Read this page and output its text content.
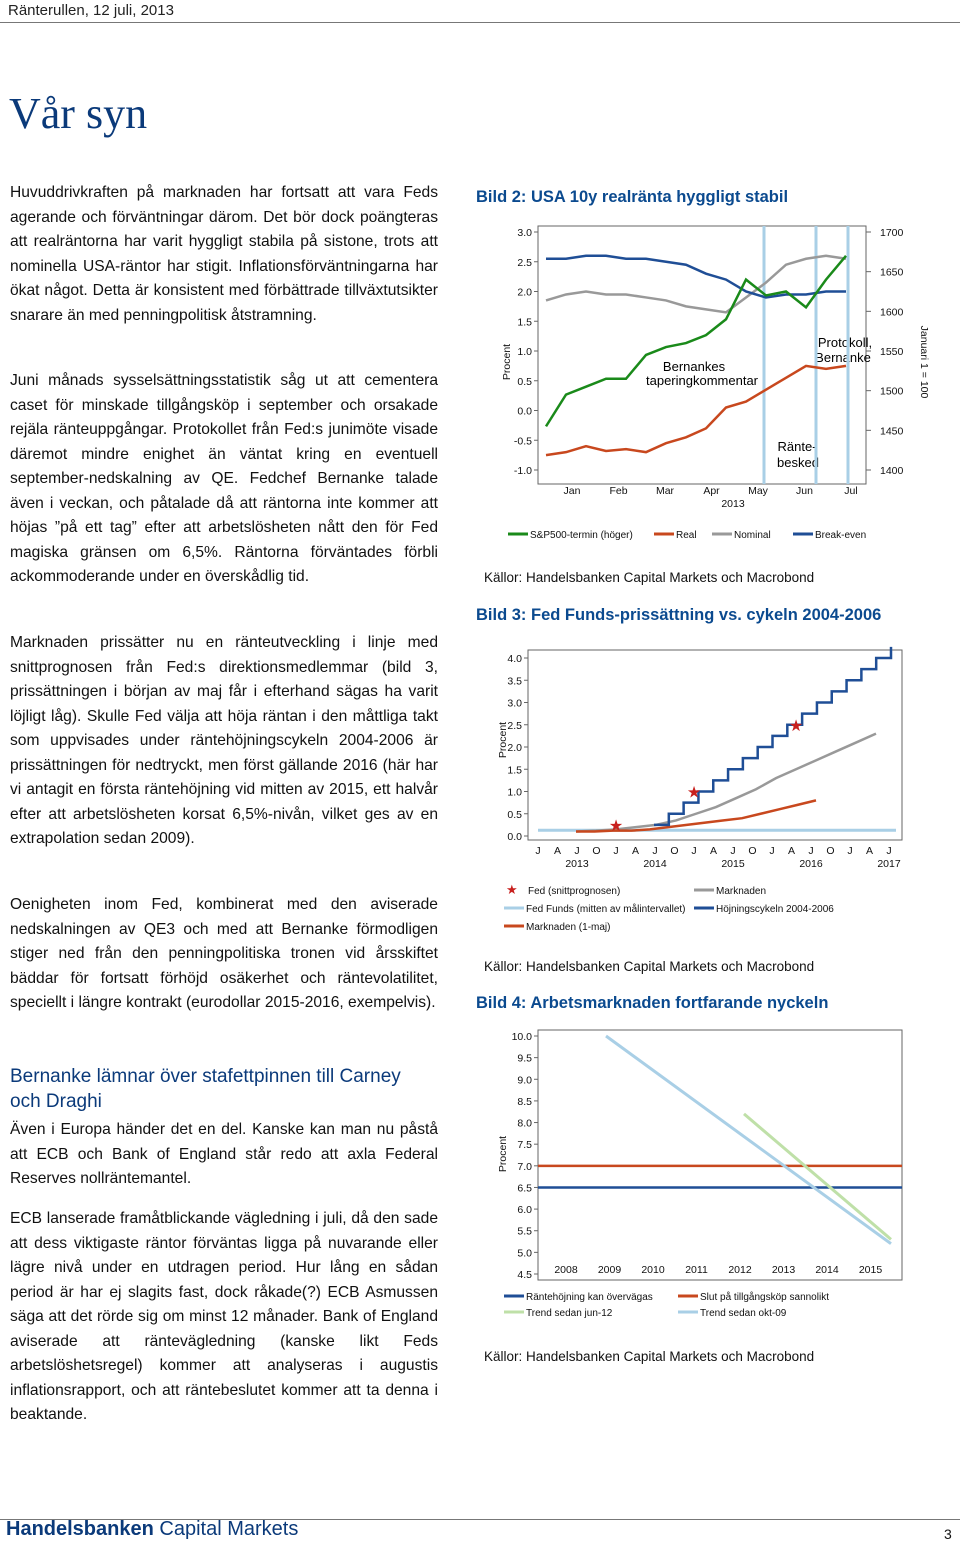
Ränterullen, 12 juli, 2013
Vår syn

Huvuddrivkraften på marknaden har fortsatt att vara Feds agerande och förväntningar därom. Det bör dock poängteras att realräntorna har varit hyggligt stabila på sistone, trots att nominella USA-räntor har stigit. Inflationsförväntningarna har ökat något. Detta är konsistent med förbättrade tillväxtutsikter snarare än med penningpolitisk åtstramning.

Juni månads sysselsättningsstatistik såg ut att cementera caset för minskade tillgångsköp i september och orsakade rejäla ränteuppgångar. Protokollet från Fed:s junimöte visade däremot mindre enighet än väntat kring en eventuell september-nedskalning av QE. Fedchef Bernanke talade även i veckan, och påtalade då att räntorna inte kommer att höjas ”på ett tag” efter att arbetslösheten nått den för Fed magiska gränsen om 6,5%. Räntorna förväntades förbli ackommoderande under en överskådlig tid.

Marknaden prissätter nu en ränteutveckling i linje med snittprognosen från Fed:s direktionsmedlemmar (bild 3, prissättningen i början av maj får i efterhand sägas ha varit löjligt låg). Skulle Fed välja att höja räntan i den måttliga takt som uppvisades under räntehöjningscykeln 2004-2006 är prissättningen för nedtryckt, men först gällande 2016 (här har vi antagit en första räntehöjning vid mitten av 2015, ett halvår efter att arbetslösheten korsat 6,5%-nivån, vilket ges av en extrapolation sedan 2009).

Oenigheten inom Fed, kombinerat med den aviserade nedskalningen av QE3 och med att Bernanke förmodligen stiger ned från den penningpolitiska tronen vid årsskiftet bäddar för fortsatt förhöjd osäkerhet och räntevolatilitet, speciellt i längre kontrakt (eurodollar 2015-2016, exempelvis).

Bernanke lämnar över stafettpinnen till Carney och Draghi

Även i Europa händer det en del. Kanske kan man nu påstå att ECB och Bank of England står redo att axla Federal Reserves nollräntemantel.

ECB lanserade framåtblickande vägledning i juli, då den sade att dess viktigaste räntor förväntas ligga på nuvarande eller lägre nivå under en utdragen period. Hur lång en sådan period är har ej slagits fast, dock råkade(?) ECB Asmussen säga att det rörde sig om minst 12 månader. Bank of England aviserade att räntevägledning (kanske likt Feds arbetslöshetsregel) kommer att analyseras i augustis inflationsrapport, och att räntebeslutet kommer att ta denna i beaktande.

Bild 2: USA 10y realränta hyggligt stabil
Procent	Januari 1 = 100
2013
Bernankes
taperingkommentar
Protokoll,
Bernanke
Ränte-
besked
S&P500-termin (höger)	Real	Nominal	Break-even
3.0
2.5
2.0
1.5
1.0
0.5
0.0
-0.5
-1.0
1700
1650
1600
1550
1500
1450
1400
Jan	Feb	Mar	Apr	May	Jun	Jul
Källor: Handelsbanken Capital Markets och Macrobond
Bild 3: Fed Funds-prissättning vs. cykeln 2004-2006
Procent
★ Fed (snittprognosen)	Marknaden
Fed Funds (mitten av målintervallet)	Höjningscykeln 2004-2006
Marknaden (1-maj)
4.0
3.5
3.0
2.5
2.0
1.5
1.0
0.5
0.0
J A J O J A J O J A J O J A J O J A J
2013	2014	2015	2016	2017
★
★
★
Källor: Handelsbanken Capital Markets och Macrobond
Bild 4: Arbetsmarknaden fortfarande nyckeln
Procent
Räntehöjning kan övervägas	Slut på tillgångsköp sannolikt
Trend sedan jun-12	Trend sedan okt-09
10.0
9.5
9.0
8.5
8.0
7.5
7.0
6.5
6.0
5.5
5.0
4.5 2008 2009 2010 2011 2012 2013 2014 2015
Källor: Handelsbanken Capital Markets och Macrobond
Handelsbanken Capital Markets	3
